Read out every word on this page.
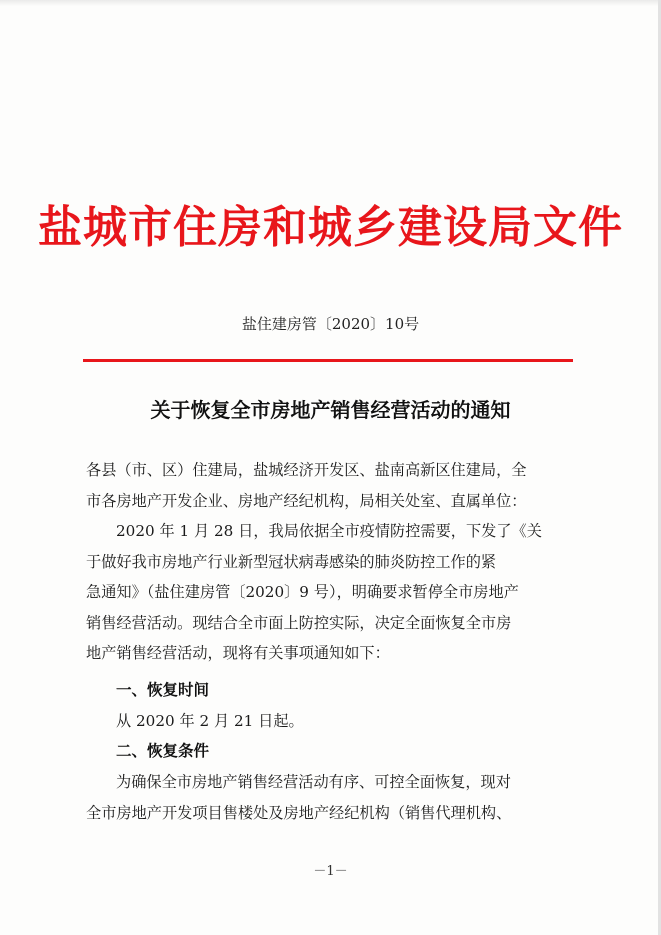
盐城市住房和城乡建设局文件
盐住建房管〔2020〕10号
关于恢复全市房地产销售经营活动的通知
各县（市、区）住建局，盐城经济开发区、盐南高新区住建局，全
市各房地产开发企业、房地产经纪机构，局相关处室、直属单位：
2020 年 1 月 28 日，我局依据全市疫情防控需要，下发了《关
于做好我市房地产行业新型冠状病毒感染的肺炎防控工作的紧
急通知》（盐住建房管〔2020〕9 号），明确要求暂停全市房地产
销售经营活动。现结合全市面上防控实际，决定全面恢复全市房
地产销售经营活动，现将有关事项通知如下：
一、恢复时间
从 2020 年 2 月 21 日起。
二、恢复条件
为确保全市房地产销售经营活动有序、可控全面恢复，现对
全市房地产开发项目售楼处及房地产经纪机构（销售代理机构、
－1－
